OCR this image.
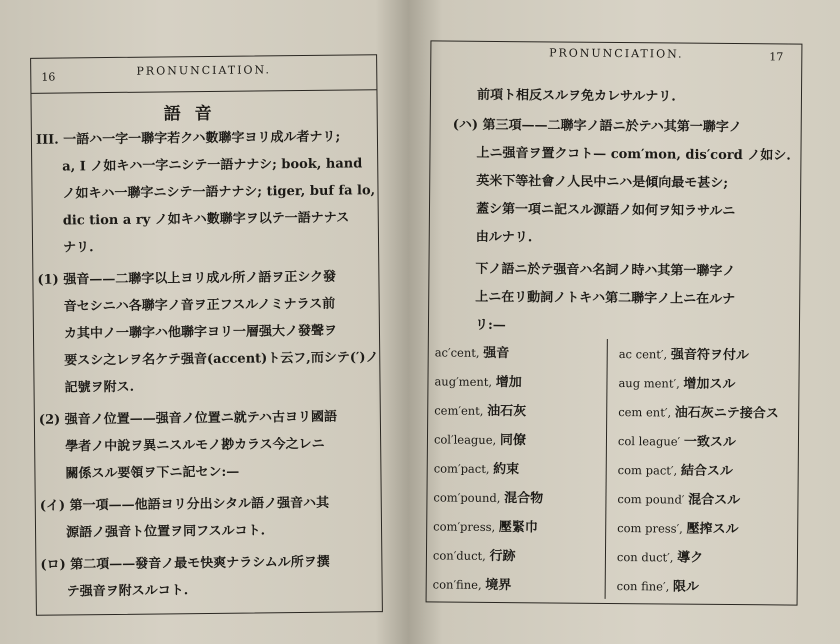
16	PRONUNCIATION.
語音
III. 一語ハ一字一聯字若クハ數聯字ヨリ成ル者ナリ;
a, I ノ如キハ一字ニシテ一語ナナシ; book, hand
ノ如キハ一聯字ニシテ一語ナナシ; tiger, buf fa lo,
dic tion a ry ノ如キハ數聯字ヲ以テ一語ナナス
ナリ.
(1) 强音——二聯字以上ヨリ成ル所ノ語ヲ正シク發
音セシニハ各聯字ノ音ヲ正フスルノミナラス前
カ其中ノ一聯字ハ他聯字ヨリ一層强大ノ發聲ヲ
要スシ之レヲ名ケテ强音(accent)ト云フ,而シテ(′)ノ
記號ヲ附ス.
(2) 强音ノ位置——强音ノ位置ニ就テハ古ヨリ國語
學者ノ中說ヲ異ニスルモノ尠カラス今之レニ
關係スル要領ヲ下ニ記セン:—
(イ) 第一項——他語ヨリ分出シタル語ノ强音ハ其
源語ノ强音ト位置ヲ同フスルコト.
(ロ) 第二項——發音ノ最モ快爽ナラシムル所ヲ撰
テ强音ヲ附スルコト.
PRONUNCIATION.	17
前項ト相反スルヲ免カレサルナリ.
(ハ) 第三項——二聯字ノ語ニ於テハ其第一聯字ノ
上ニ强音ヲ置クコト— com′mon, dis′cord ノ如シ.
英米下等社會ノ人民中ニハ是傾向最モ甚シ;
蓋シ第一項ニ記スル源語ノ如何ヲ知ラサルニ
由ルナリ.
下ノ語ニ於テ强音ハ名詞ノ時ハ其第一聯字ノ
上ニ在リ動詞ノトキハ第二聯字ノ上ニ在ルナ
リ:—
ac′cent, 强音
aug′ment, 增加
cem′ent, 油石灰
col′league, 同僚
com′pact, 約束
com′pound, 混合物
com′press, 壓緊巾
con′duct, 行跡
con′fine, 境界
ac cent′, 强音符ヲ付ル
aug ment′, 增加スル
cem ent′, 油石灰ニテ接合ス
col league′ 一致スル
com pact′, 結合スル
com pound′ 混合スル
com press′, 壓搾スル
con duct′, 導ク
con fine′, 限ル
